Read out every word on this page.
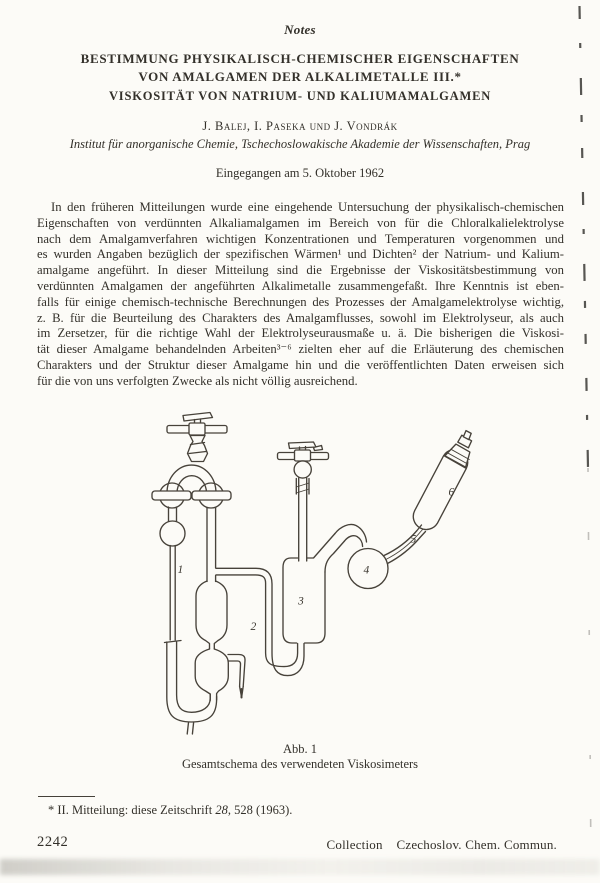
Notes
BESTIMMUNG PHYSIKALISCH-CHEMISCHER EIGENSCHAFTEN
VON AMALGAMEN DER ALKALIMETALLE III.*
VISKOSITÄT VON NATRIUM- UND KALIUMAMALGAMEN
J. Balej, I. Paseka und J. Vondrák
Institut für anorganische Chemie, Tschechoslowakische Akademie der Wissenschaften, Prag
Eingegangen am 5. Oktober 1962
In den früheren Mitteilungen wurde eine eingehende Untersuchung der physikalisch-chemischen
Eigenschaften von verdünnten Alkaliamalgamen im Bereich von für die Chloralkalielektrolyse
nach dem Amalgamverfahren wichtigen Konzentrationen und Temperaturen vorgenommen und
es wurden Angaben bezüglich der spezifischen Wärmen¹ und Dichten² der Natrium- und Kalium-
amalgame angeführt. In dieser Mitteilung sind die Ergebnisse der Viskositätsbestimmung von
verdünnten Amalgamen der angeführten Alkalimetalle zusammengefaßt. Ihre Kenntnis ist eben-
falls für einige chemisch-technische Berechnungen des Prozesses der Amalgamelektrolyse wichtig,
z. B. für die Beurteilung des Charakters des Amalgamflusses, sowohl im Elektrolyseur, als auch
im Zersetzer, für die richtige Wahl der Elektrolyseurausmaße u. ä. Die bisherigen die Viskosi-
tät dieser Amalgame behandelnden Arbeiten³⁻⁶ zielten eher auf die Erläuterung des chemischen
Charakters und der Struktur dieser Amalgame hin und die veröffentlichten Daten erweisen sich
für die von uns verfolgten Zwecke als nicht völlig ausreichend.
1
2
3
4
5
6
Abb. 1
Gesamtschema des verwendeten Viskosimeters
* II. Mitteilung: diese Zeitschrift 28, 528 (1963).
2242	Collection    Czechoslov. Chem. Commun.
